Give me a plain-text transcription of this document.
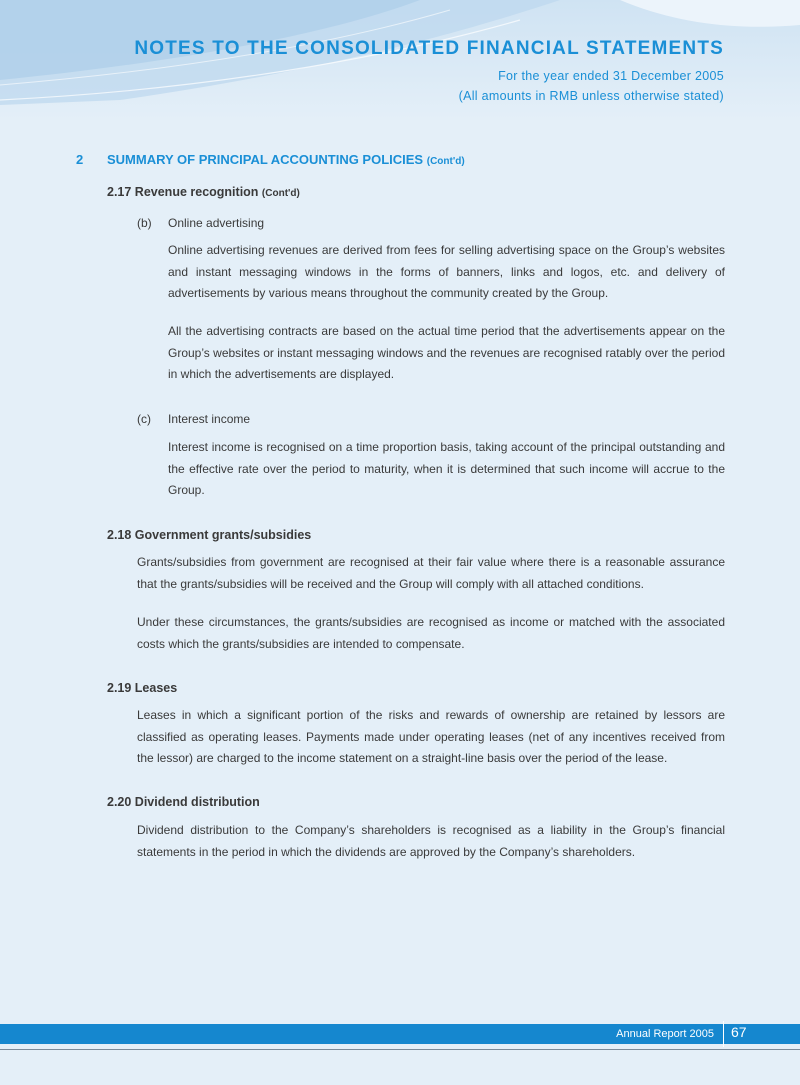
NOTES TO THE CONSOLIDATED FINANCIAL STATEMENTS
For the year ended 31 December 2005
(All amounts in RMB unless otherwise stated)
2 SUMMARY OF PRINCIPAL ACCOUNTING POLICIES (Cont'd)
2.17 Revenue recognition (Cont'd)
(b) Online advertising
Online advertising revenues are derived from fees for selling advertising space on the Group’s websites and instant messaging windows in the forms of banners, links and logos, etc. and delivery of advertisements by various means throughout the community created by the Group.
All the advertising contracts are based on the actual time period that the advertisements appear on the Group’s websites or instant messaging windows and the revenues are recognised ratably over the period in which the advertisements are displayed.
(c) Interest income
Interest income is recognised on a time proportion basis, taking account of the principal outstanding and the effective rate over the period to maturity, when it is determined that such income will accrue to the Group.
2.18 Government grants/subsidies
Grants/subsidies from government are recognised at their fair value where there is a reasonable assurance that the grants/subsidies will be received and the Group will comply with all attached conditions.
Under these circumstances, the grants/subsidies are recognised as income or matched with the associated costs which the grants/subsidies are intended to compensate.
2.19 Leases
Leases in which a significant portion of the risks and rewards of ownership are retained by lessors are classified as operating leases. Payments made under operating leases (net of any incentives received from the lessor) are charged to the income statement on a straight-line basis over the period of the lease.
2.20 Dividend distribution
Dividend distribution to the Company’s shareholders is recognised as a liability in the Group’s financial statements in the period in which the dividends are approved by the Company’s shareholders.
Annual Report 2005 67
